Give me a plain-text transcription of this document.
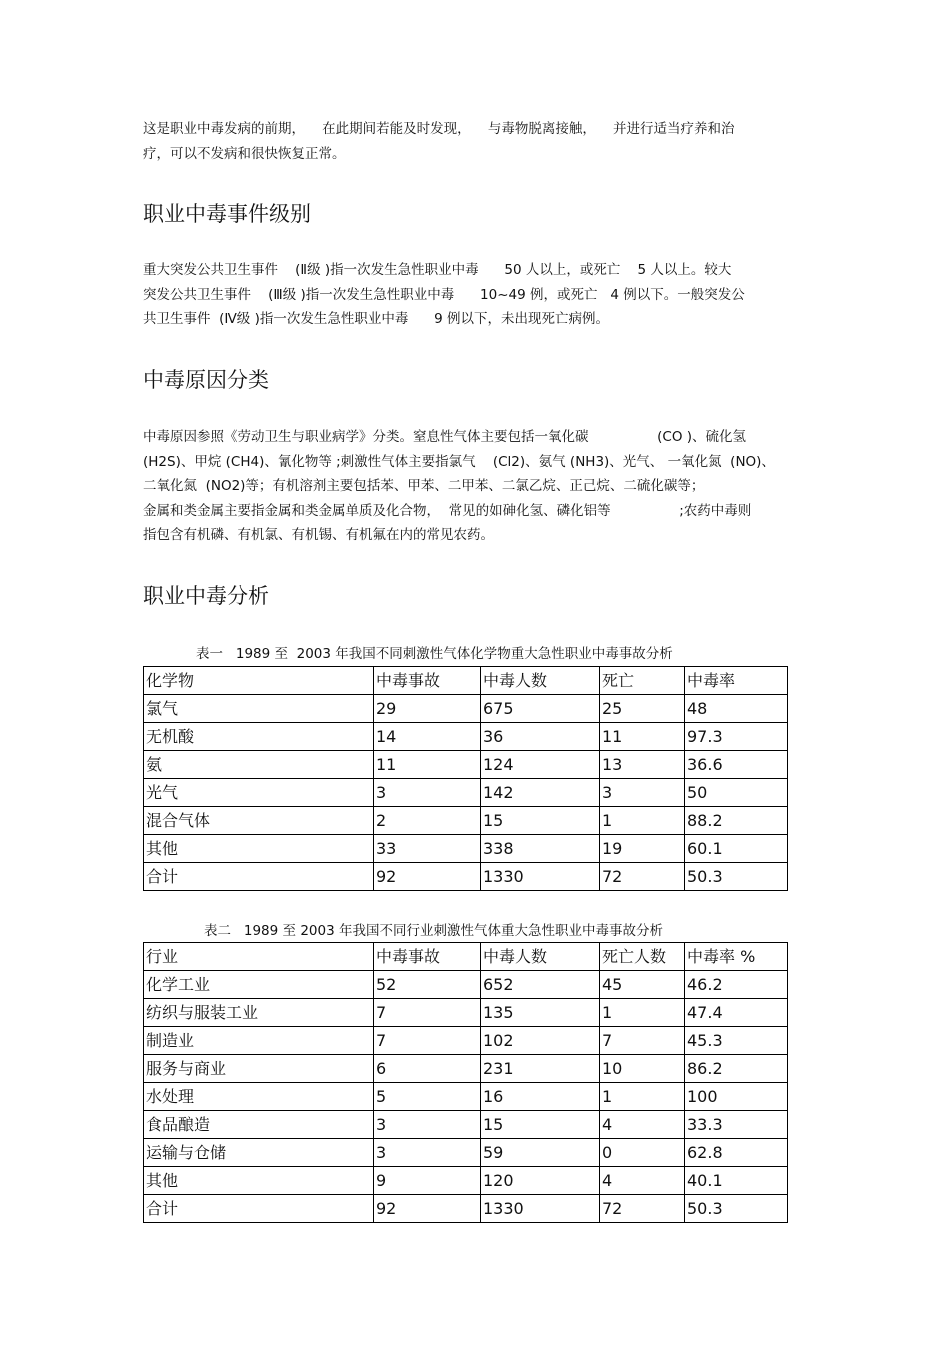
这是职业中毒发病的前期，    在此期间若能及时发现，    与毒物脱离接触，    并进行适当疗养和治
疗，可以不发病和很快恢复正常。
职业中毒事件级别
重大突发公共卫生事件    (Ⅱ级 )指一次发生急性职业中毒      50 人以上，或死亡    5 人以上。较大
突发公共卫生事件    (Ⅲ级 )指一次发生急性职业中毒      10~49 例，或死亡   4 例以下。一般突发公
共卫生事件  (Ⅳ级 )指一次发生急性职业中毒      9 例以下，未出现死亡病例。
中毒原因分类
中毒原因参照《劳动卫生与职业病学》分类。窒息性气体主要包括一氧化碳                (CO )、硫化氢
(H2S)、甲烷 (CH4)、氰化物等 ;刺激性气体主要指氯气    (Cl2)、氨气 (NH3)、光气、 一氧化氮  (NO)、
二氧化氮  (NO2)等；有机溶剂主要包括苯、甲苯、二甲苯、二氯乙烷、正己烷、二硫化碳等；
金属和类金属主要指金属和类金属单质及化合物，  常见的如砷化氢、磷化铝等                ;农药中毒则
指包含有机磷、有机氯、有机锡、有机氟在内的常见农药。
职业中毒分析
表一   1989 至  2003 年我国不同刺激性气体化学物重大急性职业中毒事故分析
化学物	中毒事故	中毒人数	死亡	中毒率
氯气	29	675	25	48
无机酸	14	36	11	97.3
氨	11	124	13	36.6
光气	3	142	3	50
混合气体	2	15	1	88.2
其他	33	338	19	60.1
合计	92	1330	72	50.3
表二   1989 至 2003 年我国不同行业刺激性气体重大急性职业中毒事故分析
行业	中毒事故	中毒人数	死亡人数	中毒率 %
化学工业	52	652	45	46.2
纺织与服装工业	7	135	1	47.4
制造业	7	102	7	45.3
服务与商业	6	231	10	86.2
水处理	5	16	1	100
食品酿造	3	15	4	33.3
运输与仓储	3	59	0	62.8
其他	9	120	4	40.1
合计	92	1330	72	50.3
